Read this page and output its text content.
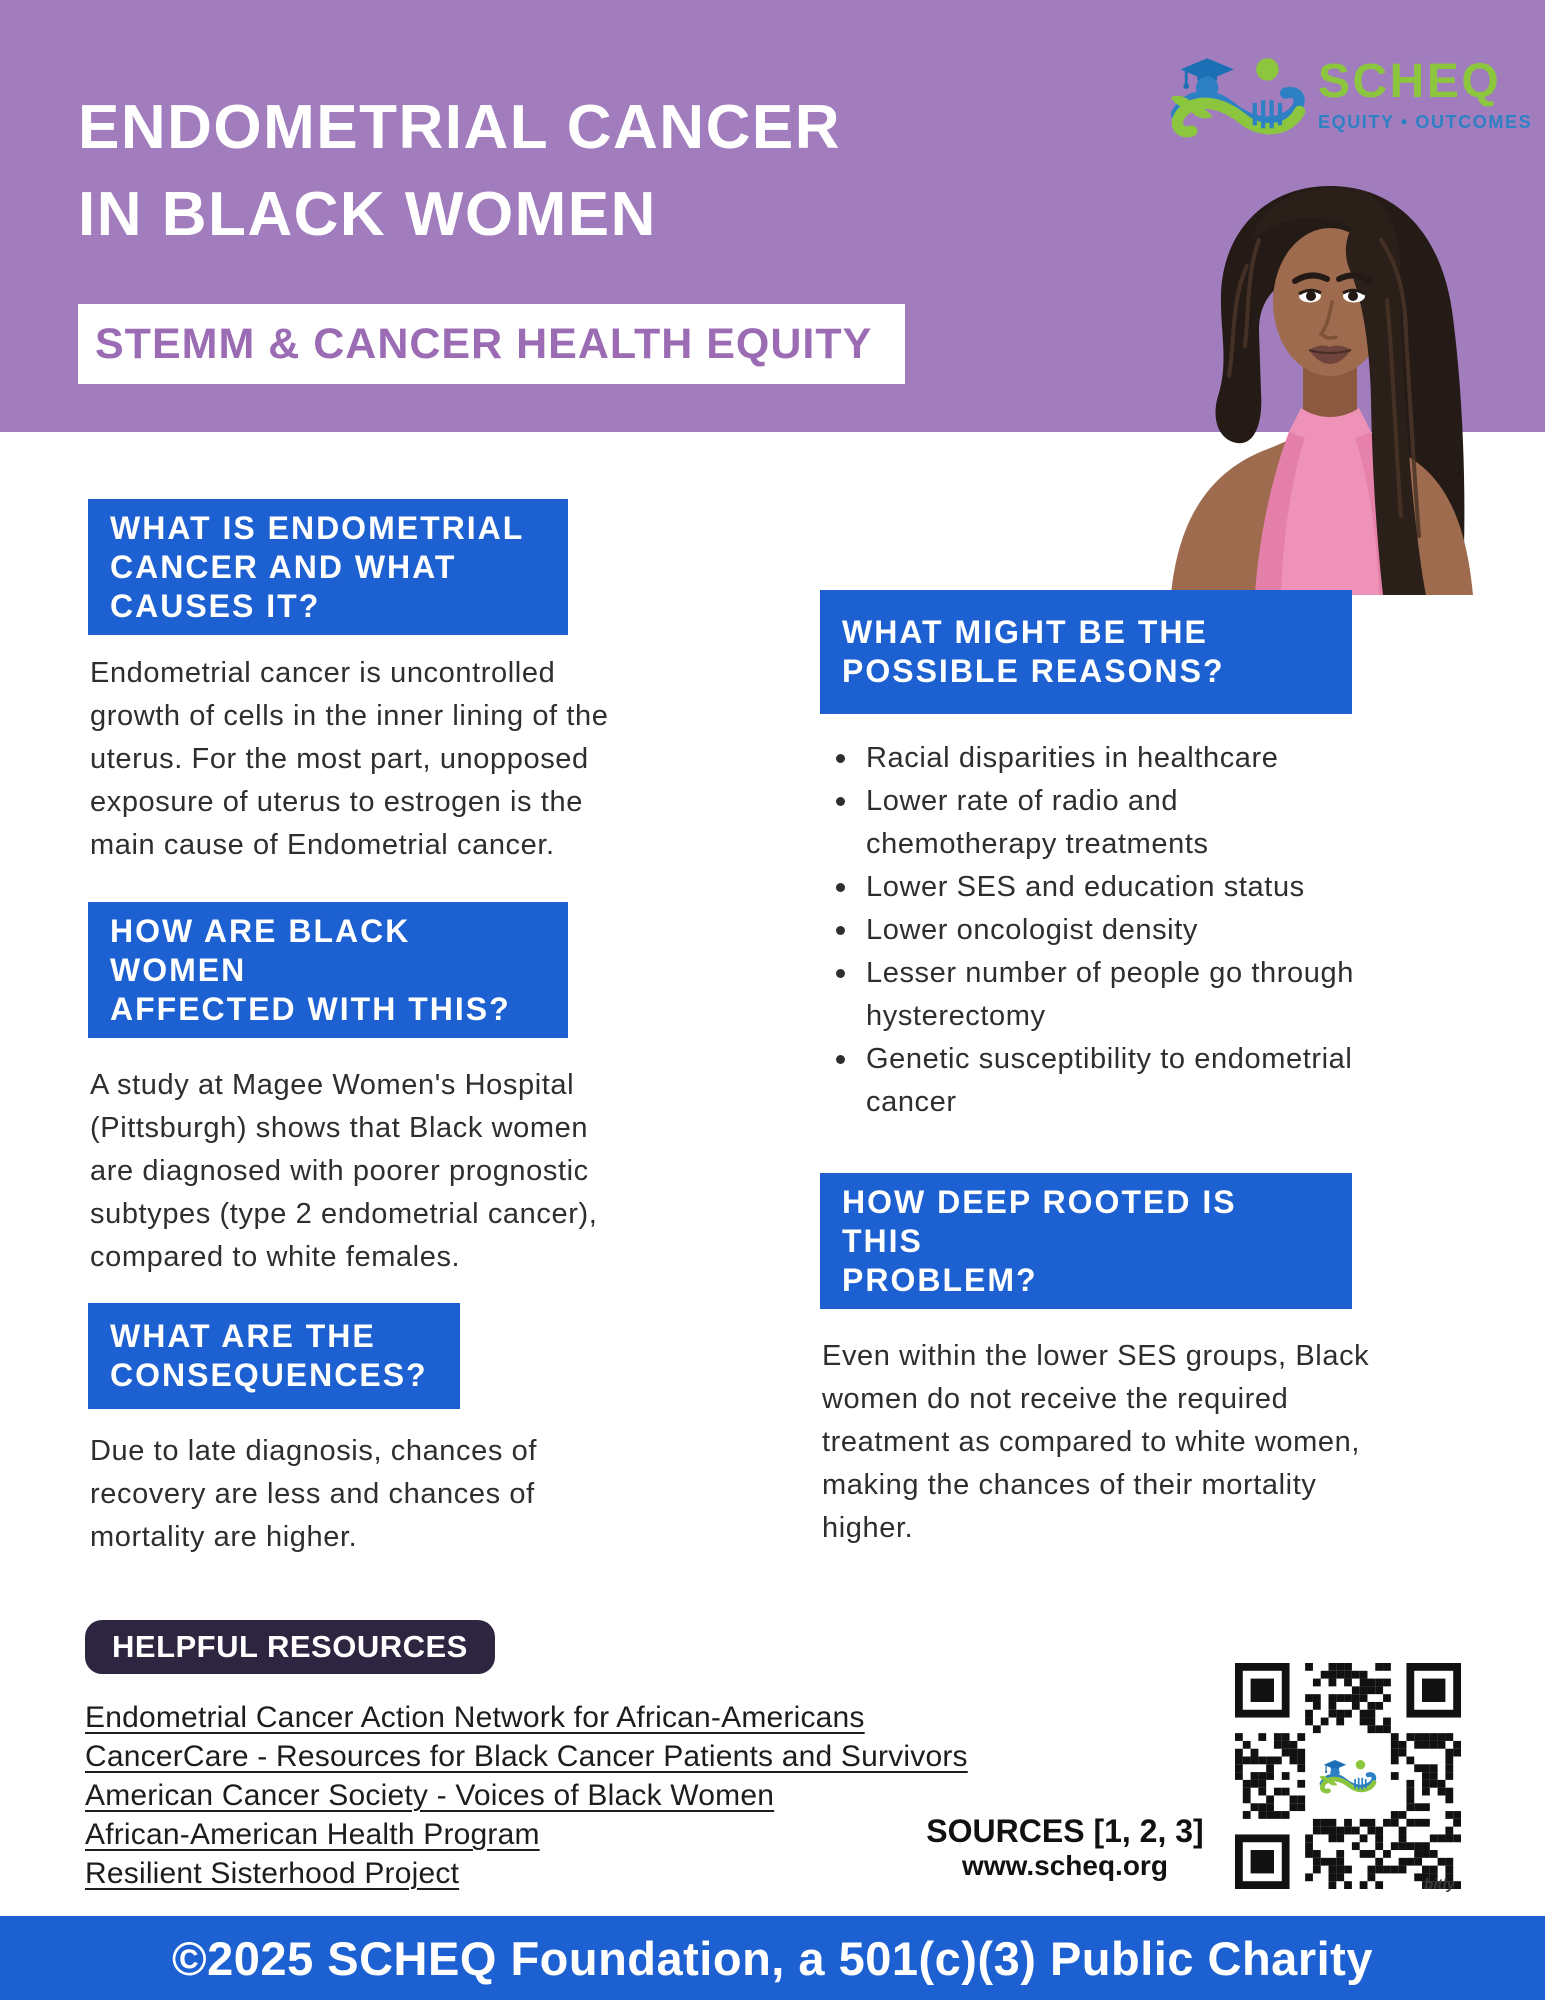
ENDOMETRIAL CANCER
IN BLACK WOMEN
STEMM & CANCER HEALTH EQUITY
SCHEQ
EQUITY • OUTCOMES
WHAT IS ENDOMETRIAL
CANCER AND WHAT
CAUSES IT?
Endometrial cancer is uncontrolled
growth of cells in the inner lining of the
uterus. For the most part, unopposed
exposure of uterus to estrogen is the
main cause of Endometrial cancer.
HOW ARE BLACK
WOMEN
AFFECTED WITH THIS?
A study at Magee Women's Hospital
(Pittsburgh) shows that Black women
are diagnosed with poorer prognostic
subtypes (type 2 endometrial cancer),
compared to white females.
WHAT ARE THE
CONSEQUENCES?
Due to late diagnosis, chances of
recovery are less and chances of
mortality are higher.
WHAT MIGHT BE THE
POSSIBLE REASONS?
Racial disparities in healthcare
Lower rate of radio and
chemotherapy treatments
Lower SES and education status
Lower oncologist density
Lesser number of people go through
hysterectomy
Genetic susceptibility to endometrial
cancer
HOW DEEP ROOTED IS
THIS
PROBLEM?
Even within the lower SES groups, Black
women do not receive the required
treatment as compared to white women,
making the chances of their mortality
higher.
HELPFUL RESOURCES
Endometrial Cancer Action Network for African-Americans
CancerCare - Resources for Black Cancer Patients and Survivors
American Cancer Society - Voices of Black Women
African-American Health Program
Resilient Sisterhood Project
SOURCES [1, 2, 3]
www.scheq.org
bitly
©2025 SCHEQ Foundation, a 501(c)(3) Public Charity
